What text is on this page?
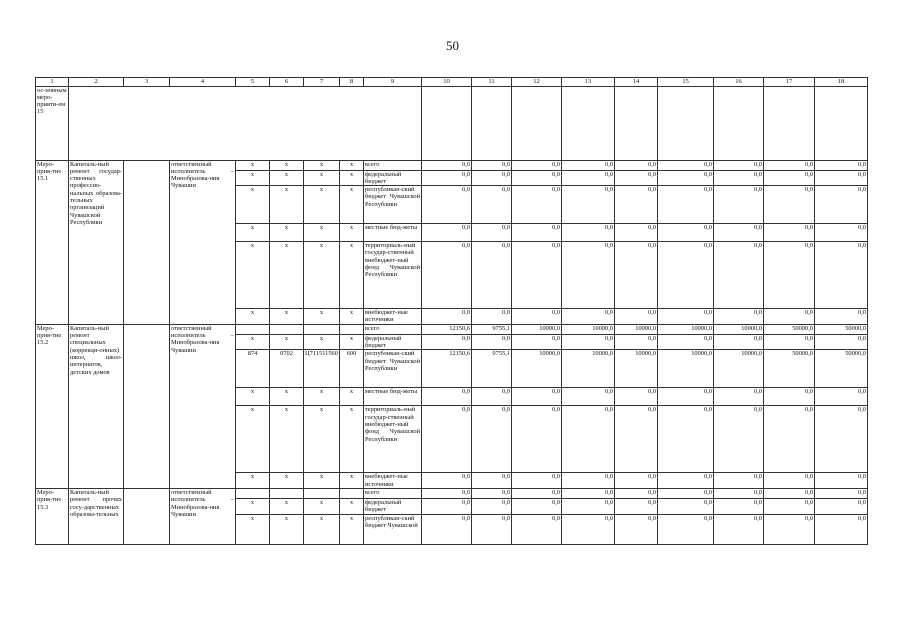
50
1	2	3	4	5	6	7	8	9	10	11	12	13	14	15	16	17	18
ос-новным меро-прияти-ем 15																	
Меро-прия-тие 15.1	Капиталь-ный ремонт государ-ственных профессио-нальных образова-тельных организаций Чувашской Республики		ответственный исполнитель – Минобразова-ния Чувашии	x	x	x	x	всего	0,0	0,0	0,0	0,0	0,0	0,0	0,0	0,0	0,0
				x	x	x	x	федеральный бюджет	0,0	0,0	0,0	0,0	0,0	0,0	0,0	0,0	0,0
				x	x	x	x	республикан-ский бюджет Чувашской Республики	0,0	0,0	0,0	0,0	0,0	0,0	0,0	0,0	0,0
				x	x	x	x	местные бюд-жеты	0,0	0,0	0,0	0,0	0,0	0,0	0,0	0,0	0,0
				x	x	x	x	территориаль-ный государ-ственный внебюджет-ный фонд Чувашской Республики	0,0	0,0	0,0	0,0	0,0	0,0	0,0	0,0	0,0
				x	x	x	x	внебюджет-ные источники	0,0	0,0	0,0	0,0	0,0	0,0	0,0	0,0	0,0
Меро-прия-тие 15.2	Капиталь-ный ремонт специальных (коррекци-онных) школ, школ-интернатов, детских домов		ответственный исполнитель – Минобразова-ния Чувашии					всего	12150,6	9755,1	10000,0	10000,0	10000,0	10000,0	10000,0	50000,0	50000,0
				x	x	x	x	федеральный бюджет	0,0	0,0	0,0	0,0	0,0	0,0	0,0	0,0	0,0
				874	0702	Ц711511560	600	республикан-ский бюджет Чувашской Республики	12150,6	9755,1	10000,0	10000,0	10000,0	10000,0	10000,0	50000,0	50000,0
				x	x	x	x	местные бюд-жеты	0,0	0,0	0,0	0,0	0,0	0,0	0,0	0,0	0,0
				x	x	x	x	территориаль-ный государ-ственный внебюджет-ный фонд Чувашской Республики	0,0	0,0	0,0	0,0	0,0	0,0	0,0	0,0	0,0
				x	x	x	x	внебюджет-ные источники	0,0	0,0	0,0	0,0	0,0	0,0	0,0	0,0	0,0
Меро-прия-тие 15.3	Капиталь-ный ремонт прочих госу-дарственных образова-тельных		ответственный исполнитель – Минобразова-ния Чувашии					всего	0,0	0,0	0,0	0,0	0,0	0,0	0,0	0,0	0,0
				x	x	x	x	федеральный бюджет	0,0	0,0	0,0	0,0	0,0	0,0	0,0	0,0	0,0
				x	x	x	x	республикан-ский бюджет Чувашской	0,0	0,0	0,0	0,0	0,0	0,0	0,0	0,0	0,0
